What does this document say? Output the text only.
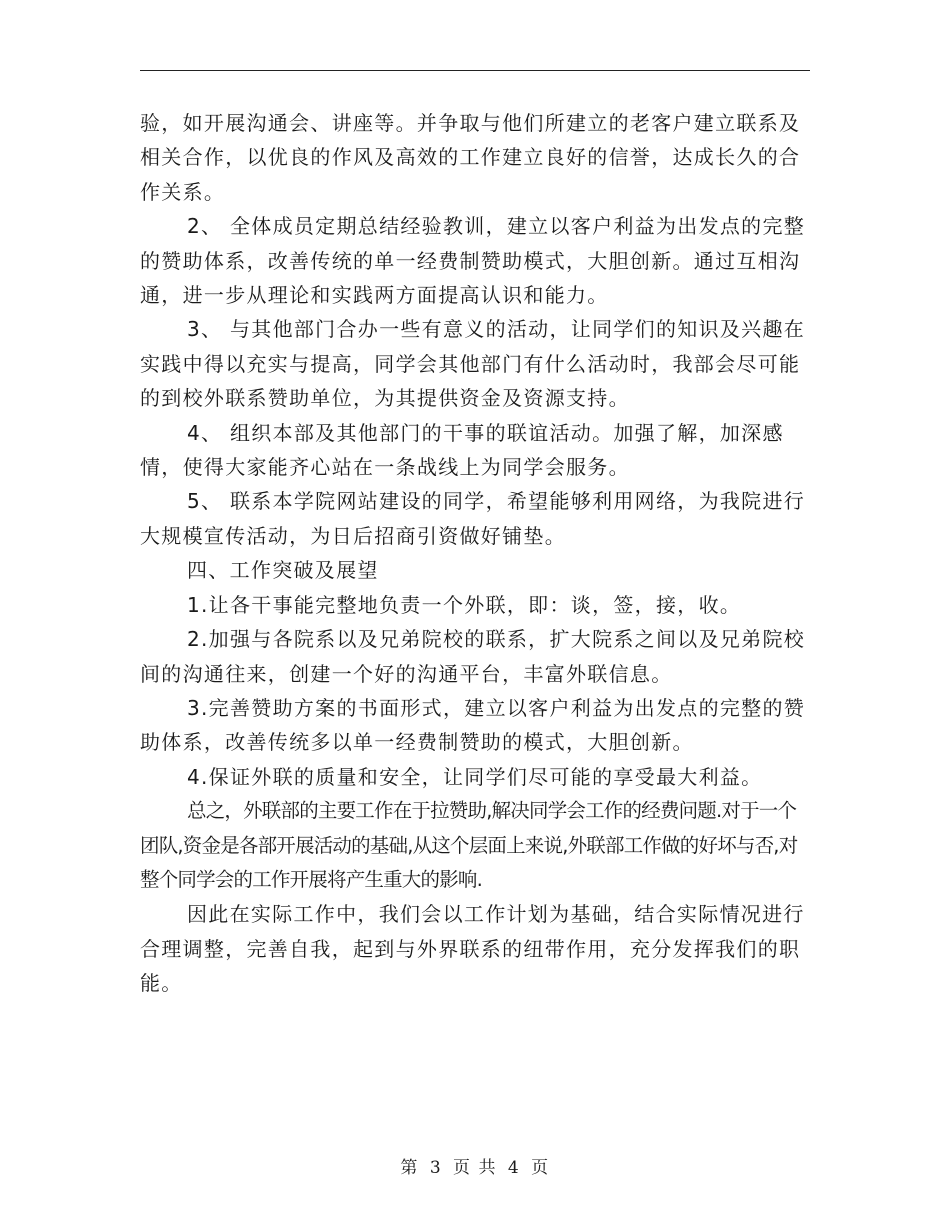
验，如开展沟通会、讲座等。并争取与他们所建立的老客户建立联系及相关合作，以优良的作风及高效的工作建立良好的信誉，达成长久的合作关系。

2、 全体成员定期总结经验教训，建立以客户利益为出发点的完整的赞助体系，改善传统的单一经费制赞助模式，大胆创新。通过互相沟通，进一步从理论和实践两方面提高认识和能力。

3、 与其他部门合办一些有意义的活动，让同学们的知识及兴趣在实践中得以充实与提高，同学会其他部门有什么活动时，我部会尽可能的到校外联系赞助单位，为其提供资金及资源支持。

4、 组织本部及其他部门的干事的联谊活动。加强了解，加深感情，使得大家能齐心站在一条战线上为同学会服务。

5、 联系本学院网站建设的同学，希望能够利用网络，为我院进行大规模宣传活动，为日后招商引资做好铺垫。

四、工作突破及展望

1.让各干事能完整地负责一个外联，即：谈，签，接，收。

2.加强与各院系以及兄弟院校的联系，扩大院系之间以及兄弟院校间的沟通往来，创建一个好的沟通平台，丰富外联信息。

3.完善赞助方案的书面形式，建立以客户利益为出发点的完整的赞助体系，改善传统多以单一经费制赞助的模式，大胆创新。

4.保证外联的质量和安全，让同学们尽可能的享受最大利益。

总之，外联部的主要工作在于拉赞助,解决同学会工作的经费问题.对于一个团队,资金是各部开展活动的基础,从这个层面上来说,外联部工作做的好坏与否,对整个同学会的工作开展将产生重大的影响.

因此在实际工作中，我们会以工作计划为基础，结合实际情况进行合理调整，完善自我，起到与外界联系的纽带作用，充分发挥我们的职能。

第 3 页 共 4 页
